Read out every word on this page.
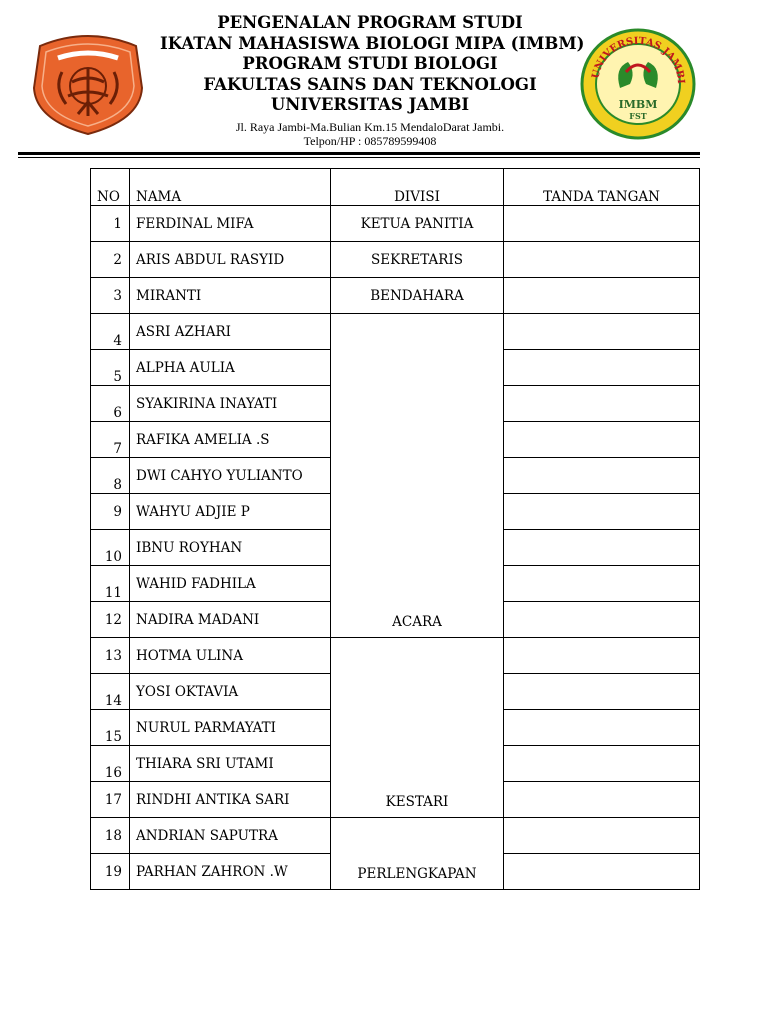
PENGENALAN PROGRAM STUDI
IKATAN MAHASISWA BIOLOGI MIPA (IMBM)
PROGRAM STUDI BIOLOGI
FAKULTAS SAINS DAN TEKNOLOGI
UNIVERSITAS JAMBI
Jl. Raya Jambi-Ma.Bulian Km.15 MendaloDarat Jambi.
Telpon/HP : 085789599408
UNIVERSITAS JAMBI
IMBM
FST
NO	NAMA	DIVISI	TANDA TANGAN
1	FERDINAL MIFA	KETUA PANITIA	
2	ARIS ABDUL RASYID	SEKRETARIS	
3	MIRANTI	BENDAHARA	
4	ASRI AZHARI	ACARA	
5	ALPHA AULIA		
6	SYAKIRINA INAYATI		
7	RAFIKA AMELIA .S		
8	DWI CAHYO YULIANTO		
9	WAHYU ADJIE P		
10	IBNU ROYHAN		
11	WAHID FADHILA		
12	NADIRA MADANI		
13	HOTMA ULINA	KESTARI	
14	YOSI OKTAVIA		
15	NURUL PARMAYATI		
16	THIARA SRI UTAMI		
17	RINDHI ANTIKA SARI		
18	ANDRIAN SAPUTRA	PERLENGKAPAN	
19	PARHAN ZAHRON .W		
